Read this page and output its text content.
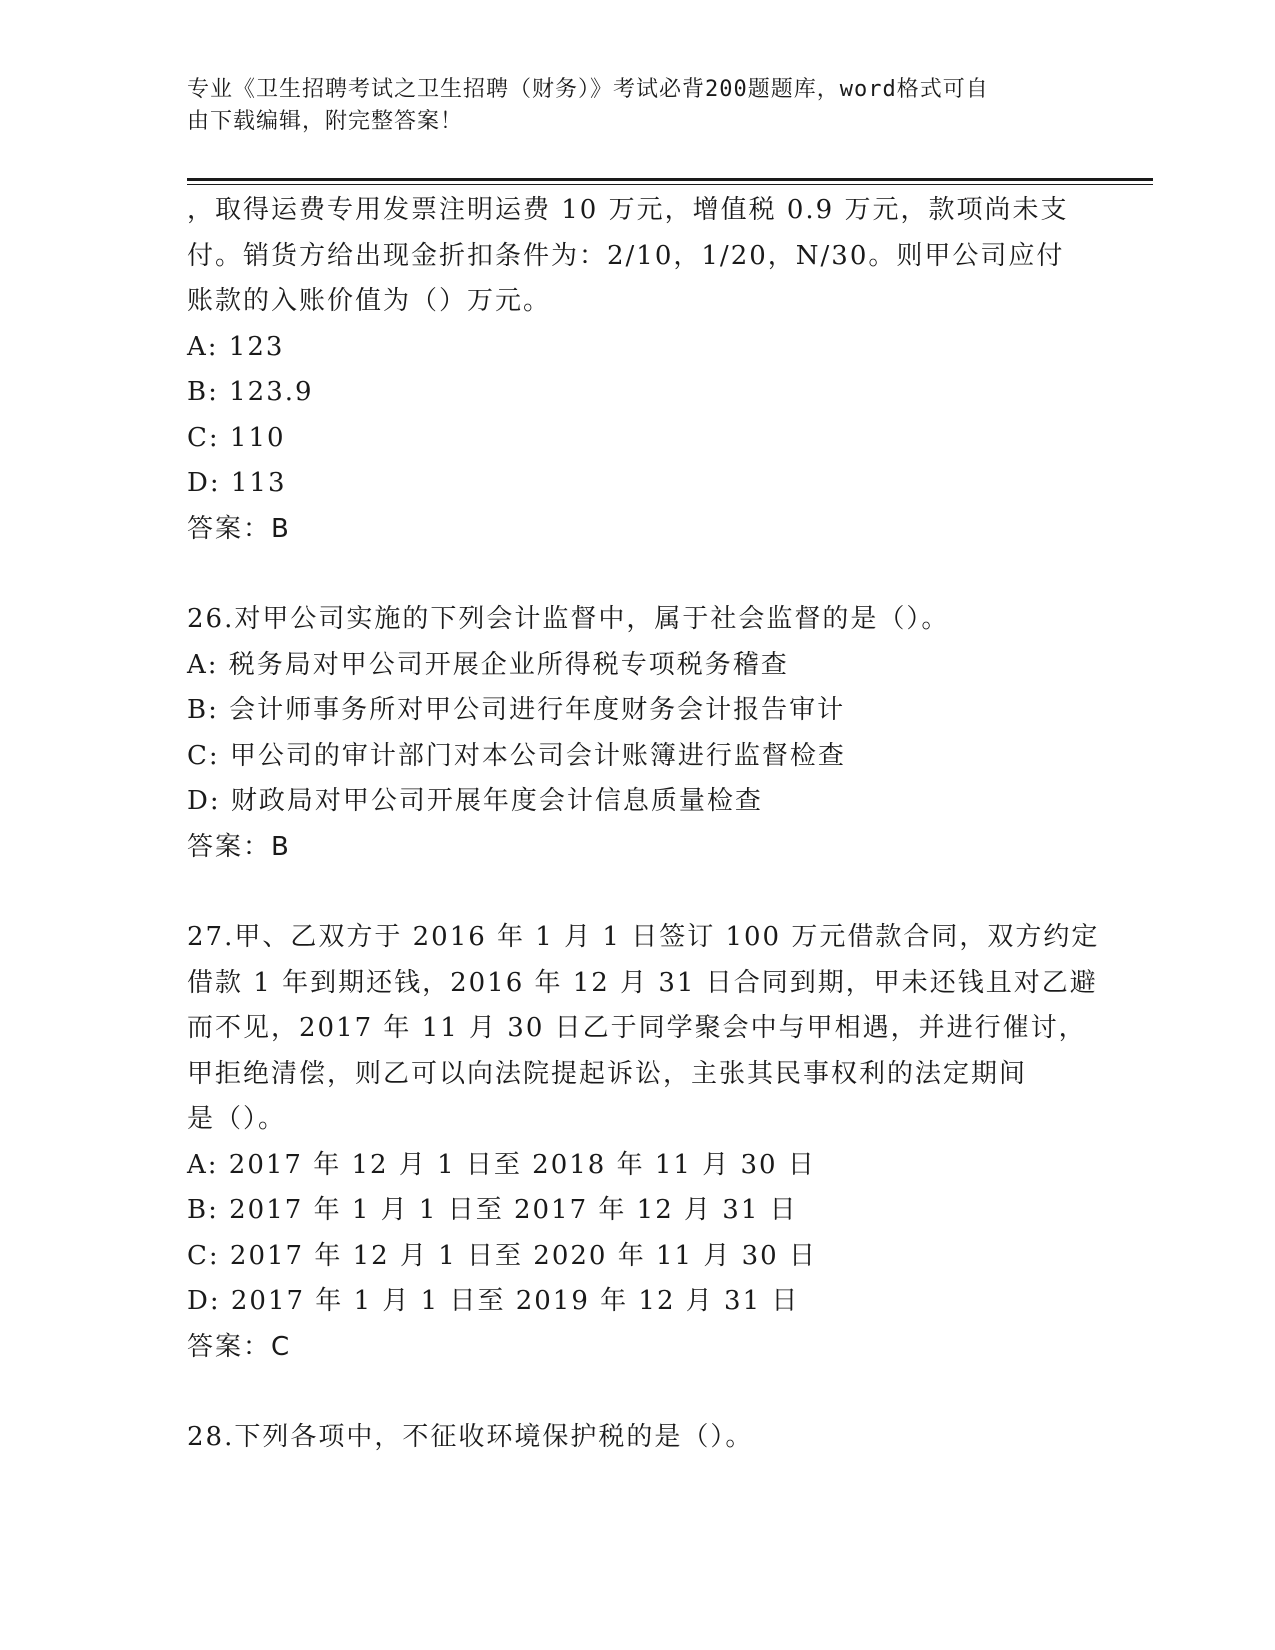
专业《卫生招聘考试之卫生招聘（财务）》考试必背200题题库，word格式可自
由下载编辑，附完整答案！
，取得运费专用发票注明运费 10 万元，增值税 0.9 万元，款项尚未支
付。销货方给出现金折扣条件为：2/10，1/20，N/30。则甲公司应付
账款的入账价值为（）万元。
A: 123
B: 123.9
C: 110
D: 113
答案：B
26.对甲公司实施的下列会计监督中，属于社会监督的是（）。
A: 税务局对甲公司开展企业所得税专项税务稽查
B: 会计师事务所对甲公司进行年度财务会计报告审计
C: 甲公司的审计部门对本公司会计账簿进行监督检查
D: 财政局对甲公司开展年度会计信息质量检查
答案：B
27.甲、乙双方于 2016 年 1 月 1 日签订 100 万元借款合同，双方约定
借款 1 年到期还钱，2016 年 12 月 31 日合同到期，甲未还钱且对乙避
而不见，2017 年 11 月 30 日乙于同学聚会中与甲相遇，并进行催讨，
甲拒绝清偿，则乙可以向法院提起诉讼，主张其民事权利的法定期间
是（）。
A: 2017 年 12 月 1 日至 2018 年 11 月 30 日
B: 2017 年 1 月 1 日至 2017 年 12 月 31 日
C: 2017 年 12 月 1 日至 2020 年 11 月 30 日
D: 2017 年 1 月 1 日至 2019 年 12 月 31 日
答案：C
28.下列各项中，不征收环境保护税的是（）。
